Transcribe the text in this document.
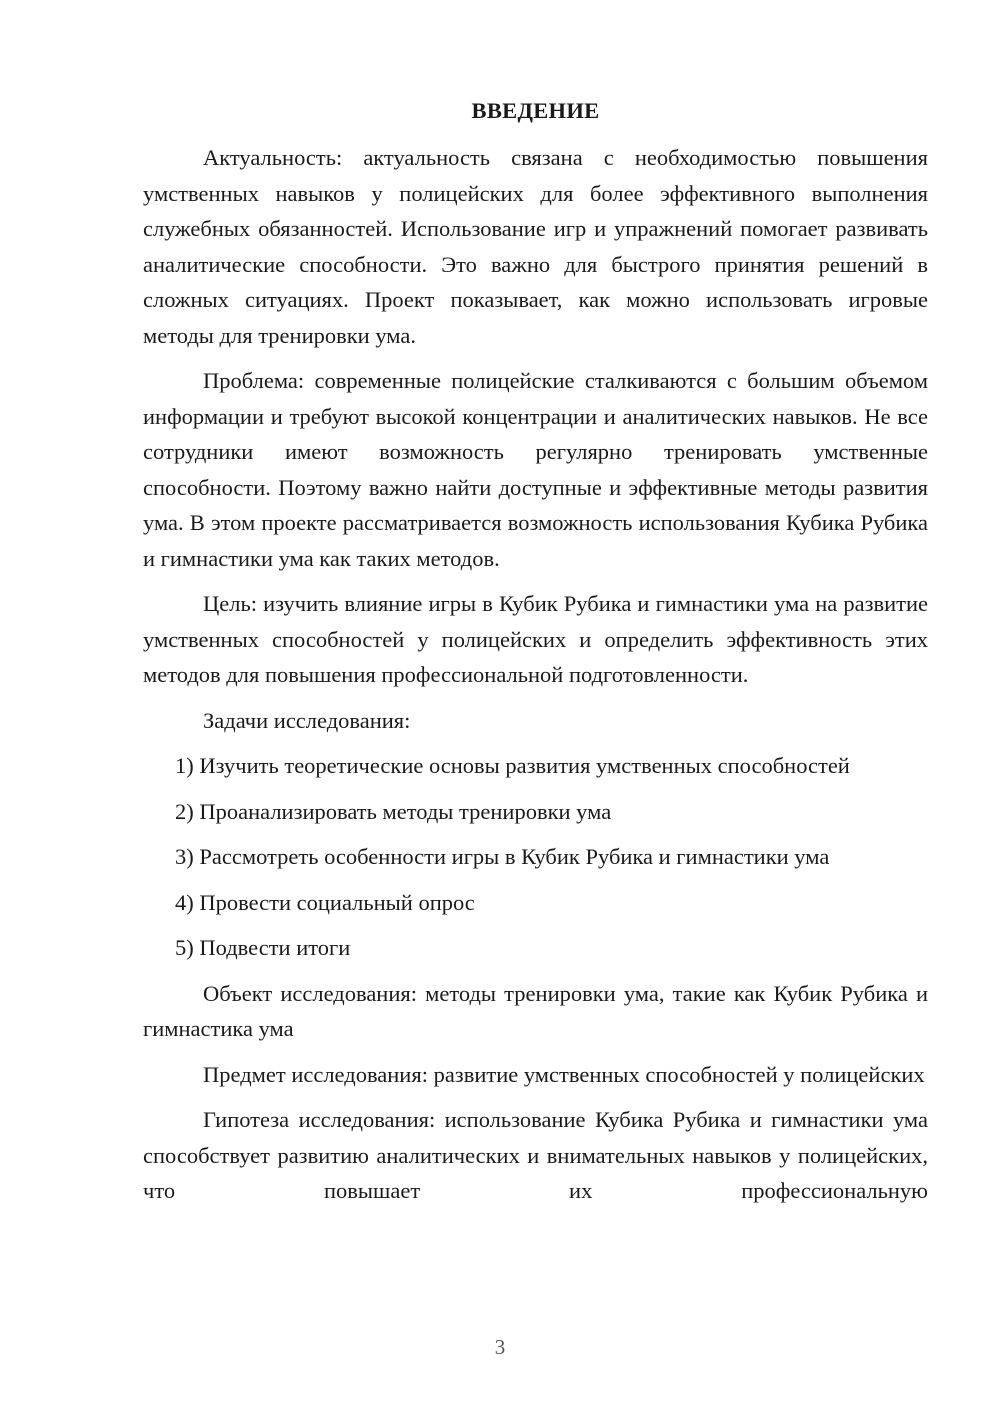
ВВЕДЕНИЕ

Актуальность: актуальность связана с необходимостью повышения умственных навыков у полицейских для более эффективного выполнения служебных обязанностей. Использование игр и упражнений помогает развивать аналитические способности. Это важно для быстрого принятия решений в сложных ситуациях. Проект показывает, как можно использовать игровые методы для тренировки ума.

Проблема: современные полицейские сталкиваются с большим объемом информации и требуют высокой концентрации и аналитических навыков. Не все сотрудники имеют возможность регулярно тренировать умственные способности. Поэтому важно найти доступные и эффективные методы развития ума. В этом проекте рассматривается возможность использования Кубика Рубика и гимнастики ума как таких методов.

Цель: изучить влияние игры в Кубик Рубика и гимнастики ума на развитие умственных способностей у полицейских и определить эффективность этих методов для повышения профессиональной подготовленности.

Задачи исследования:

1) Изучить теоретические основы развития умственных способностей
2) Проанализировать методы тренировки ума
3) Рассмотреть особенности игры в Кубик Рубика и гимнастики ума
4) Провести социальный опрос
5) Подвести итоги

Объект исследования: методы тренировки ума, такие как Кубик Рубика и гимнастика ума

Предмет исследования: развитие умственных способностей у полицейских

Гипотеза исследования: использование Кубика Рубика и гимнастики ума способствует развитию аналитических и внимательных навыков у полицейских, что повышает их профессиональную

3
